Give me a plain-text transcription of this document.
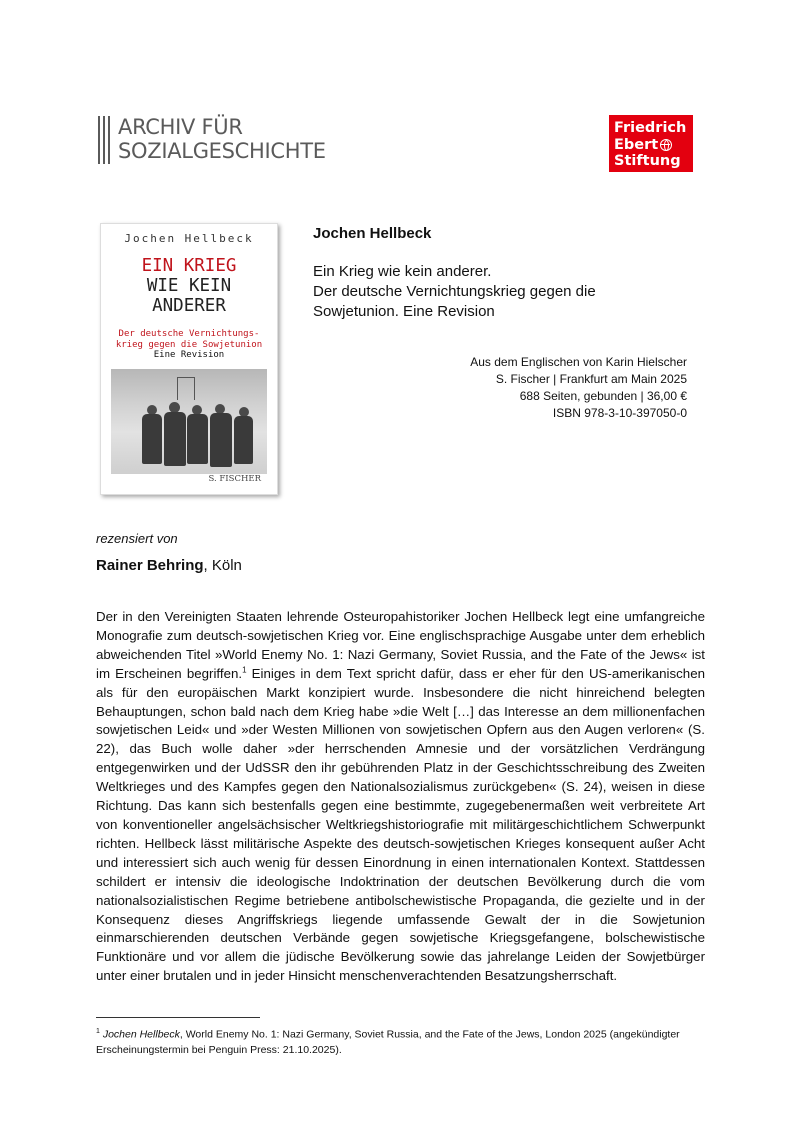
ARCHIV FÜR
SOZIALGESCHICHTE
Friedrich
Ebert
Stiftung
Jochen Hellbeck
EIN KRIEG
WIE KEIN
ANDERER
Der deutsche Vernichtungs-
krieg gegen die Sowjetunion
Eine Revision
S. FISCHER
Jochen Hellbeck
Ein Krieg wie kein anderer.
Der deutsche Vernichtungskrieg gegen die
Sowjetunion. Eine Revision
Aus dem Englischen von Karin Hielscher
S. Fischer | Frankfurt am Main 2025
688 Seiten, gebunden | 36,00 €
ISBN 978-3-10-397050-0
rezensiert von
Rainer Behring, Köln
Der in den Vereinigten Staaten lehrende Osteuropahistoriker Jochen Hellbeck legt eine umfangreiche Monografie zum deutsch-sowjetischen Krieg vor. Eine englischsprachige Ausgabe unter dem erheblich abweichenden Titel »World Enemy No. 1: Nazi Germany, Soviet Russia, and the Fate of the Jews« ist im Erscheinen begriffen.$^1$ Einiges in dem Text spricht dafür, dass er eher für den US-amerikanischen als für den europäischen Markt konzipiert wurde. Insbesondere die nicht hinreichend belegten Behauptungen, schon bald nach dem Krieg habe »die Welt […] das Interesse an dem millionenfachen sowjetischen Leid« und »der Westen Millionen von sowjetischen Opfern aus den Augen verloren« (S. 22), das Buch wolle daher »der herrschenden Amnesie und der vorsätzlichen Verdrängung entgegenwirken und der UdSSR den ihr gebührenden Platz in der Geschichtsschreibung des Zweiten Weltkrieges und des Kampfes gegen den Nationalsozialismus zurückgeben« (S. 24), weisen in diese Richtung. Das kann sich bestenfalls gegen eine bestimmte, zugegebenermaßen weit verbreitete Art von konventioneller angelsächsischer Weltkriegshistoriografie mit militärgeschichtlichem Schwerpunkt richten. Hellbeck lässt militärische Aspekte des deutsch-sowjetischen Krieges konsequent außer Acht und interessiert sich auch wenig für dessen Einordnung in einen internationalen Kontext. Stattdessen schildert er intensiv die ideologische Indoktrination der deutschen Bevölkerung durch die vom nationalsozialistischen Regime betriebene antibolschewistische Propaganda, die gezielte und in der Konsequenz dieses Angriffskriegs liegende umfassende Gewalt der in die Sowjetunion einmarschierenden deutschen Verbände gegen sowjetische Kriegsgefangene, bolschewistische Funktionäre und vor allem die jüdische Bevölkerung sowie das jahrelange Leiden der Sowjetbürger unter einer brutalen und in jeder Hinsicht menschenverachtenden Besatzungsherrschaft.
$^1$ Jochen Hellbeck, World Enemy No. 1: Nazi Germany, Soviet Russia, and the Fate of the Jews, London 2025 (angekündigter Erscheinungstermin bei Penguin Press: 21.10.2025).
